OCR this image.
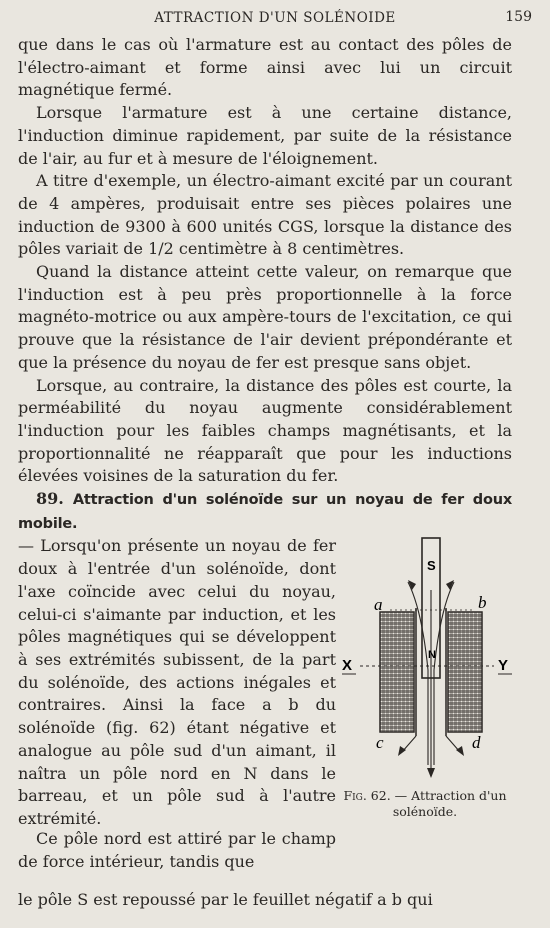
ATTRACTION D'UN SOLÉNOIDE	159

que dans le cas où l'armature est au contact des pôles de l'électro-aimant et forme ainsi avec lui un circuit magnétique fermé.

Lorsque l'armature est à une certaine distance, l'induction diminue rapidement, par suite de la résistance de l'air, au fur et à mesure de l'éloignement.

A titre d'exemple, un électro-aimant excité par un courant de 4 ampères, produisait entre ses pièces polaires une induction de 9300 à 600 unités CGS, lorsque la distance des pôles variait de 1/2 centimètre à 8 centimètres.

Quand la distance atteint cette valeur, on remarque que l'induction est à peu près proportionnelle à la force magnéto-motrice ou aux ampère-tours de l'excitation, ce qui prouve que la résistance de l'air devient prépondérante et que la présence du noyau de fer est presque sans objet.

Lorsque, au contraire, la distance des pôles est courte, la perméabilité du noyau augmente considérablement l'induction pour les faibles champs magnétisants, et la proportionnalité ne réapparaît que pour les inductions élevées voisines de la saturation du fer.

89. Attraction d'un solénoïde sur un noyau de fer doux mobile.

— Lorsqu'on présente un noyau de fer doux à l'entrée d'un solénoïde, dont l'axe coïncide avec celui du noyau, celui-ci s'aimante par induction, et les pôles magnétiques qui se développent à ses extrémités subissent, de la part du solénoïde, des actions inégales et contraires. Ainsi la face a b du solénoïde (fig. 62) étant négative et analogue au pôle sud d'un aimant, il naîtra un pôle nord en N dans le barreau, et un pôle sud à l'autre extrémité.

S
N
a	b
c	d
X	Y
Fig. 62. — Attraction d'un solénoïde.

Ce pôle nord est attiré par le champ de force intérieur, tandis que

le pôle S est repoussé par le feuillet négatif a b qui
